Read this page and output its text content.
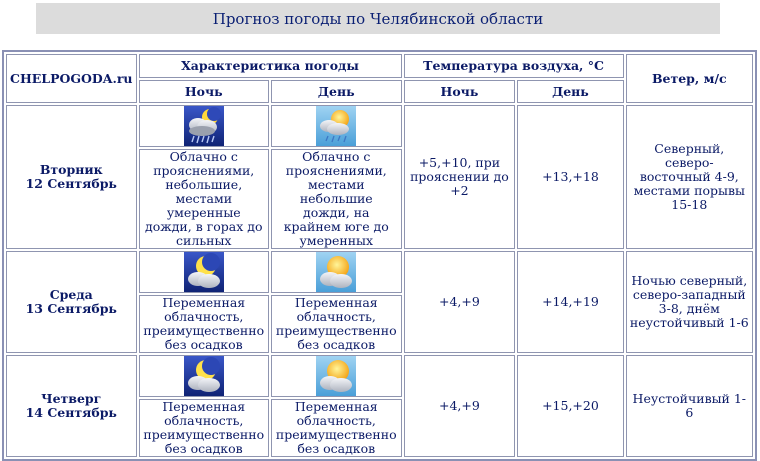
Прогноз погоды по Челябинской области
CHELPOGODA.ru	Характеристика погоды		Температура воздуха, °С		Ветер, м/с
	Ночь	День	Ночь	День	
Вторник
12 Сентябрь			+5,+10, при прояснении до +2	+13,+18	Северный, северо-восточный 4-9, местами порывы 15-18
	Облачно с прояснениями, небольшие, местами умеренные дожди, в горах до сильных	Облачно с прояснениями, местами небольшие дожди, на крайнем юге до умеренных			
Среда
13 Сентябрь			+4,+9	+14,+19	Ночью северный, северо-западный 3-8, днём неустойчивый 1-6
	Переменная облачность, преимущественно без осадков	Переменная облачность, преимущественно без осадков			
Четверг
14 Сентябрь			+4,+9	+15,+20	Неустойчивый 1-6
	Переменная облачность, преимущественно без осадков	Переменная облачность, преимущественно без осадков			
